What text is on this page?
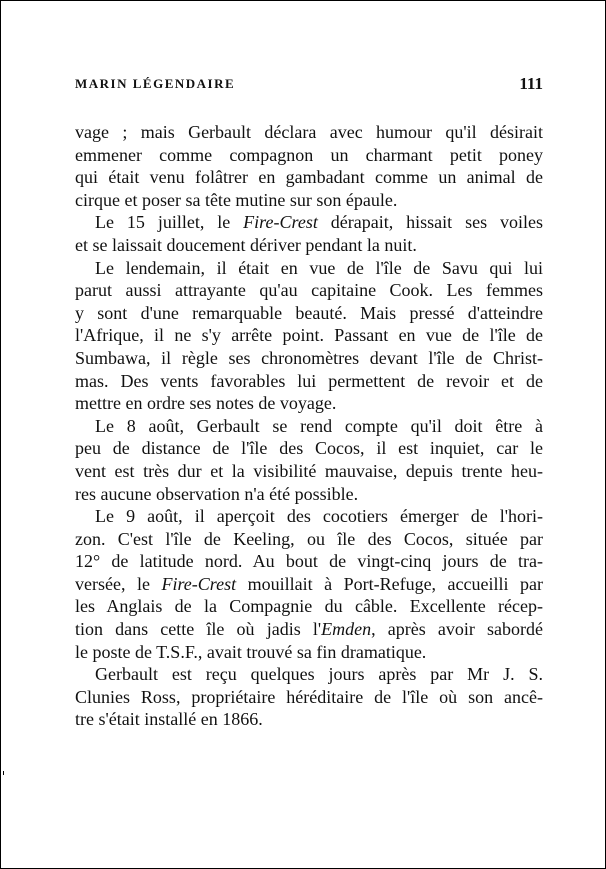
MARIN LÉGENDAIRE	111
vage ; mais Gerbault déclara avec humour qu'il désirait
emmener comme compagnon un charmant petit poney
qui était venu folâtrer en gambadant comme un animal de
cirque et poser sa tête mutine sur son épaule.
Le 15 juillet, le Fire-Crest dérapait, hissait ses voiles
et se laissait doucement dériver pendant la nuit.
Le lendemain, il était en vue de l'île de Savu qui lui
parut aussi attrayante qu'au capitaine Cook. Les femmes
y sont d'une remarquable beauté. Mais pressé d'atteindre
l'Afrique, il ne s'y arrête point. Passant en vue de l'île de
Sumbawa, il règle ses chronomètres devant l'île de Christ-
mas. Des vents favorables lui permettent de revoir et de
mettre en ordre ses notes de voyage.
Le 8 août, Gerbault se rend compte qu'il doit être à
peu de distance de l'île des Cocos, il est inquiet, car le
vent est très dur et la visibilité mauvaise, depuis trente heu-
res aucune observation n'a été possible.
Le 9 août, il aperçoit des cocotiers émerger de l'hori-
zon. C'est l'île de Keeling, ou île des Cocos, située par
12° de latitude nord. Au bout de vingt-cinq jours de tra-
versée, le Fire-Crest mouillait à Port-Refuge, accueilli par
les Anglais de la Compagnie du câble. Excellente récep-
tion dans cette île où jadis l'Emden, après avoir sabordé
le poste de T.S.F., avait trouvé sa fin dramatique.
Gerbault est reçu quelques jours après par Mr J. S.
Clunies Ross, propriétaire héréditaire de l'île où son ancê-
tre s'était installé en 1866.
